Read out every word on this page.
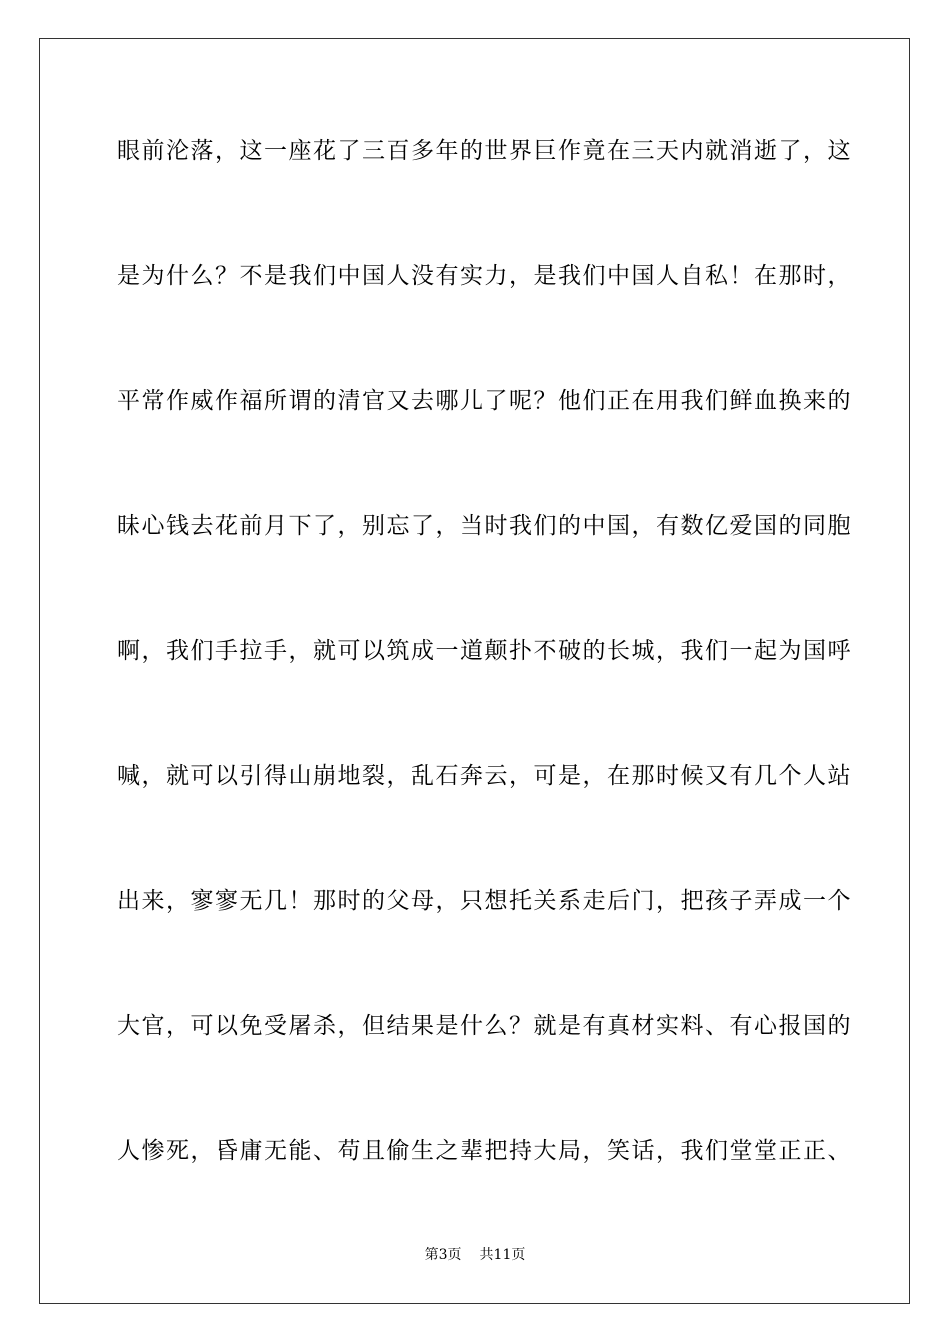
眼前沦落，这一座花了三百多年的世界巨作竟在三天内就消逝了，这
是为什么？不是我们中国人没有实力，是我们中国人自私！在那时，
平常作威作福所谓的清官又去哪儿了呢？他们正在用我们鲜血换来的
昧心钱去花前月下了，别忘了，当时我们的中国，有数亿爱国的同胞
啊，我们手拉手，就可以筑成一道颠扑不破的长城，我们一起为国呼
喊，就可以引得山崩地裂，乱石奔云，可是，在那时候又有几个人站
出来，寥寥无几！那时的父母，只想托关系走后门，把孩子弄成一个
大官，可以免受屠杀，但结果是什么？就是有真材实料、有心报国的
人惨死，昏庸无能、苟且偷生之辈把持大局，笑话，我们堂堂正正、
第3页 共11页
